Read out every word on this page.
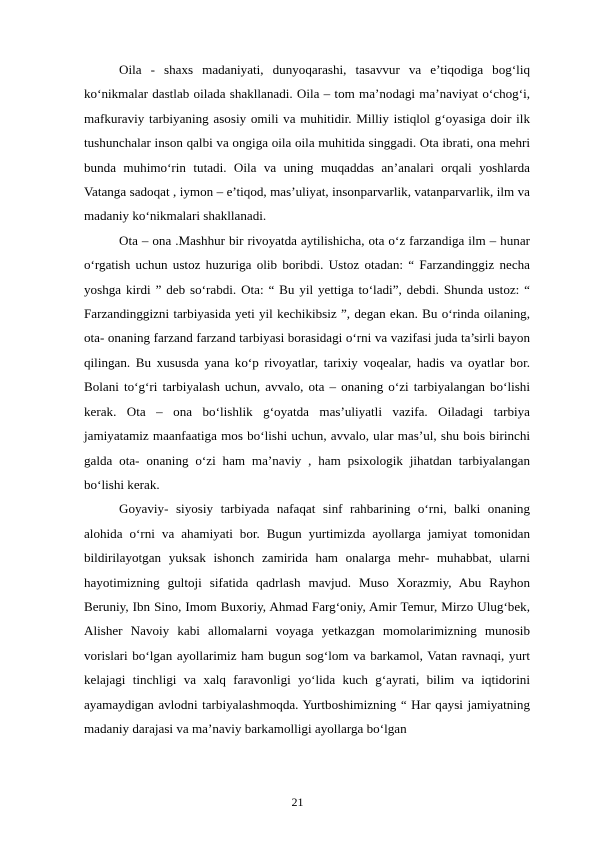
Oila - shaxs madaniyati, dunyoqarashi, tasavvur va e’tiqodiga bog‘liq ko‘nikmalar dastlab oilada shakllanadi. Oila – tom ma’nodagi ma’naviyat o‘chog‘i, mafkuraviy tarbiyaning asosiy omili va muhitidir. Milliy istiqlol g‘oyasiga doir ilk tushunchalar inson qalbi va ongiga oila oila muhitida singgadi. Ota ibrati, ona mehri bunda muhimo‘rin tutadi. Oila va uning muqaddas an’analari orqali yoshlarda Vatanga sadoqat , iymon – e’tiqod, mas’uliyat, insonparvarlik, vatanparvarlik, ilm va madaniy ko‘nikmalari shakllanadi.

Ota – ona .Mashhur bir rivoyatda aytilishicha, ota o‘z farzandiga ilm – hunar o‘rgatish uchun ustoz huzuriga olib boribdi. Ustoz otadan: “ Farzandinggiz necha yoshga kirdi ” deb so‘rabdi. Ota: “ Bu yil yettiga to‘ladi”, debdi. Shunda ustoz: “ Farzandinggizni tarbiyasida yeti yil kechikibsiz ”, degan ekan. Bu o‘rinda oilaning, ota- onaning farzand farzand tarbiyasi borasidagi o‘rni va vazifasi juda ta’sirli bayon qilingan. Bu xususda yana ko‘p rivoyatlar, tarixiy voqealar, hadis va oyatlar bor. Bolani to‘g‘ri tarbiyalash uchun, avvalo, ota – onaning o‘zi tarbiyalangan bo‘lishi kerak. Ota – ona bo‘lishlik g‘oyatda mas’uliyatli vazifa. Oiladagi tarbiya jamiyatamiz maanfaatiga mos bo‘lishi uchun, avvalo, ular mas’ul, shu bois birinchi galda ota- onaning o‘zi ham ma’naviy , ham psixologik jihatdan tarbiyalangan bo‘lishi kerak.

Goyaviy- siyosiy tarbiyada nafaqat sinf rahbarining o‘rni, balki onaning alohida o‘rni va ahamiyati bor. Bugun yurtimizda ayollarga jamiyat tomonidan bildirilayotgan yuksak ishonch zamirida ham onalarga mehr- muhabbat, ularni hayotimizning gultoji sifatida qadrlash mavjud. Muso Xorazmiy, Abu Rayhon Beruniy, Ibn Sino, Imom Buxoriy, Ahmad Farg‘oniy, Amir Temur, Mirzo Ulug‘bek, Alisher Navoiy kabi allomalarni voyaga yetkazgan momolarimizning munosib vorislari bo‘lgan ayollarimiz ham bugun sog‘lom va barkamol, Vatan ravnaqi, yurt kelajagi tinchligi va xalq faravonligi yo‘lida kuch g‘ayrati, bilim va iqtidorini ayamaydigan avlodni tarbiyalashmoqda. Yurtboshimizning “ Har qaysi jamiyatning madaniy darajasi va ma’naviy barkamolligi ayollarga bo‘lgan

21
